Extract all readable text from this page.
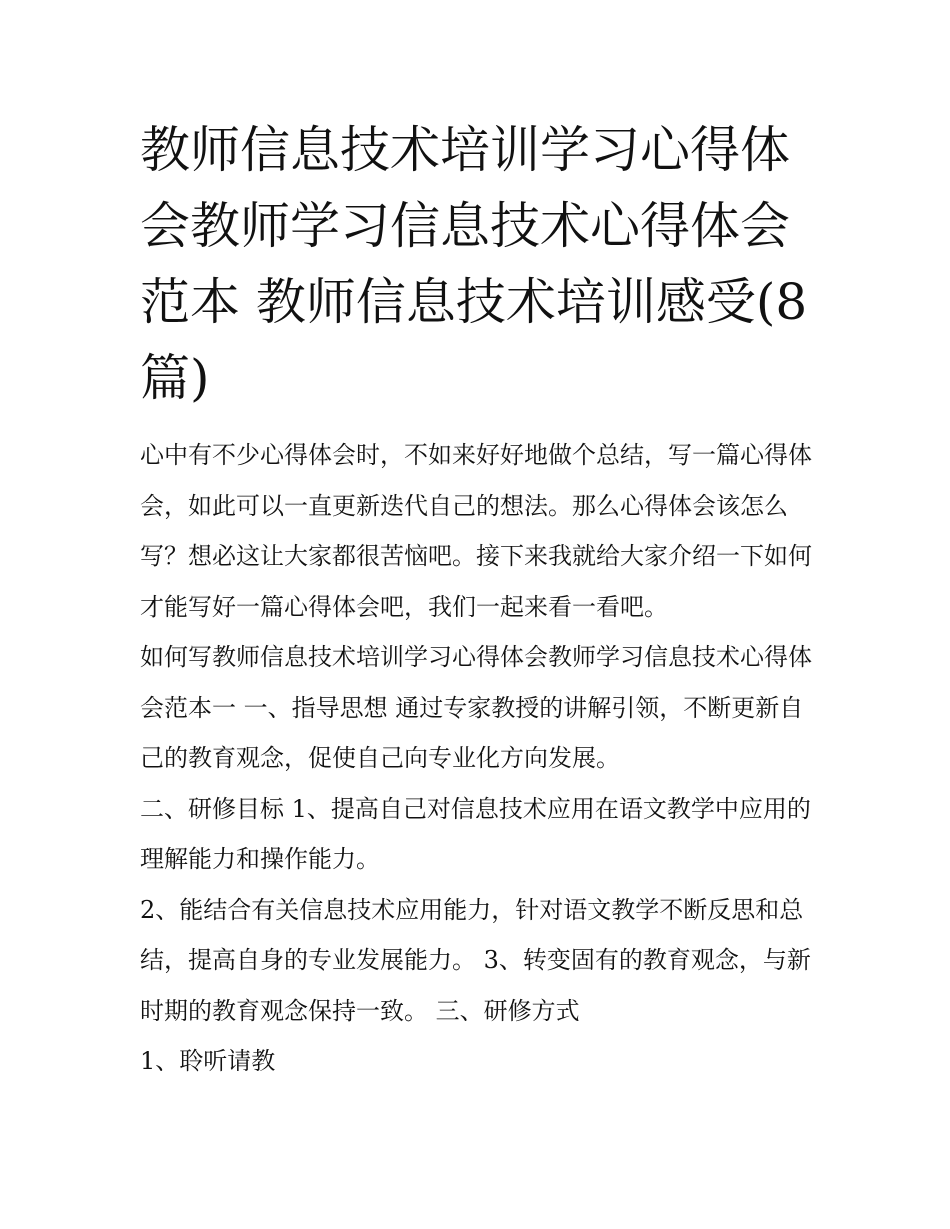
教师信息技术培训学习心得体会教师学习信息技术心得体会范本 教师信息技术培训感受(8篇)

心中有不少心得体会时，不如来好好地做个总结，写一篇心得体会，如此可以一直更新迭代自己的想法。那么心得体会该怎么写？想必这让大家都很苦恼吧。接下来我就给大家介绍一下如何才能写好一篇心得体会吧，我们一起来看一看吧。

如何写教师信息技术培训学习心得体会教师学习信息技术心得体会范本一 一、指导思想 通过专家教授的讲解引领，不断更新自己的教育观念，促使自己向专业化方向发展。

二、研修目标 1、提高自己对信息技术应用在语文教学中应用的理解能力和操作能力。

2、能结合有关信息技术应用能力，针对语文教学不断反思和总结，提高自身的专业发展能力。 3、转变固有的教育观念，与新时期的教育观念保持一致。 三、研修方式

1、聆听请教
